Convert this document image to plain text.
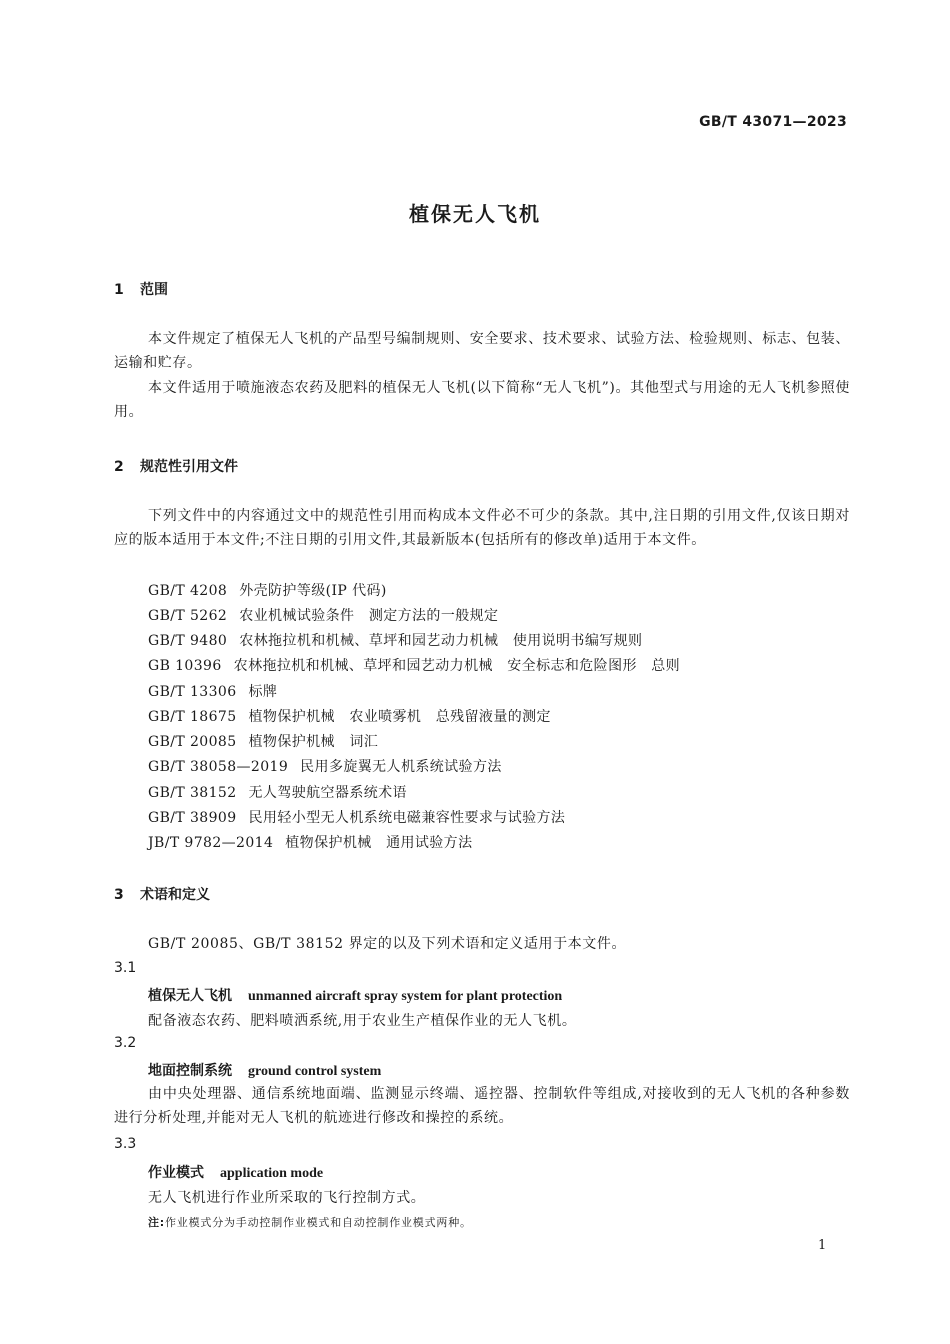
GB/T 43071—2023
植保无人飞机
1 范围
本文件规定了植保无人飞机的产品型号编制规则、安全要求、技术要求、试验方法、检验规则、标志、包装、运输和贮存。
本文件适用于喷施液态农药及肥料的植保无人飞机(以下简称“无人飞机”)。其他型式与用途的无人飞机参照使用。
2 规范性引用文件
下列文件中的内容通过文中的规范性引用而构成本文件必不可少的条款。其中,注日期的引用文件,仅该日期对应的版本适用于本文件;不注日期的引用文件,其最新版本(包括所有的修改单)适用于本文件。
GB/T 4208 外壳防护等级(IP 代码)
GB/T 5262 农业机械试验条件　测定方法的一般规定
GB/T 9480 农林拖拉机和机械、草坪和园艺动力机械　使用说明书编写规则
GB 10396 农林拖拉机和机械、草坪和园艺动力机械　安全标志和危险图形　总则
GB/T 13306 标牌
GB/T 18675 植物保护机械　农业喷雾机　总残留液量的测定
GB/T 20085 植物保护机械　词汇
GB/T 38058—2019 民用多旋翼无人机系统试验方法
GB/T 38152 无人驾驶航空器系统术语
GB/T 38909 民用轻小型无人机系统电磁兼容性要求与试验方法
JB/T 9782—2014 植物保护机械　通用试验方法
3 术语和定义
GB/T 20085、GB/T 38152 界定的以及下列术语和定义适用于本文件。
3.1
植保无人飞机 unmanned aircraft spray system for plant protection
配备液态农药、肥料喷洒系统,用于农业生产植保作业的无人飞机。
3.2
地面控制系统 ground control system
由中央处理器、通信系统地面端、监测显示终端、遥控器、控制软件等组成,对接收到的无人飞机的各种参数进行分析处理,并能对无人飞机的航迹进行修改和操控的系统。
3.3
作业模式 application mode
无人飞机进行作业所采取的飞行控制方式。
注:作业模式分为手动控制作业模式和自动控制作业模式两种。
1
